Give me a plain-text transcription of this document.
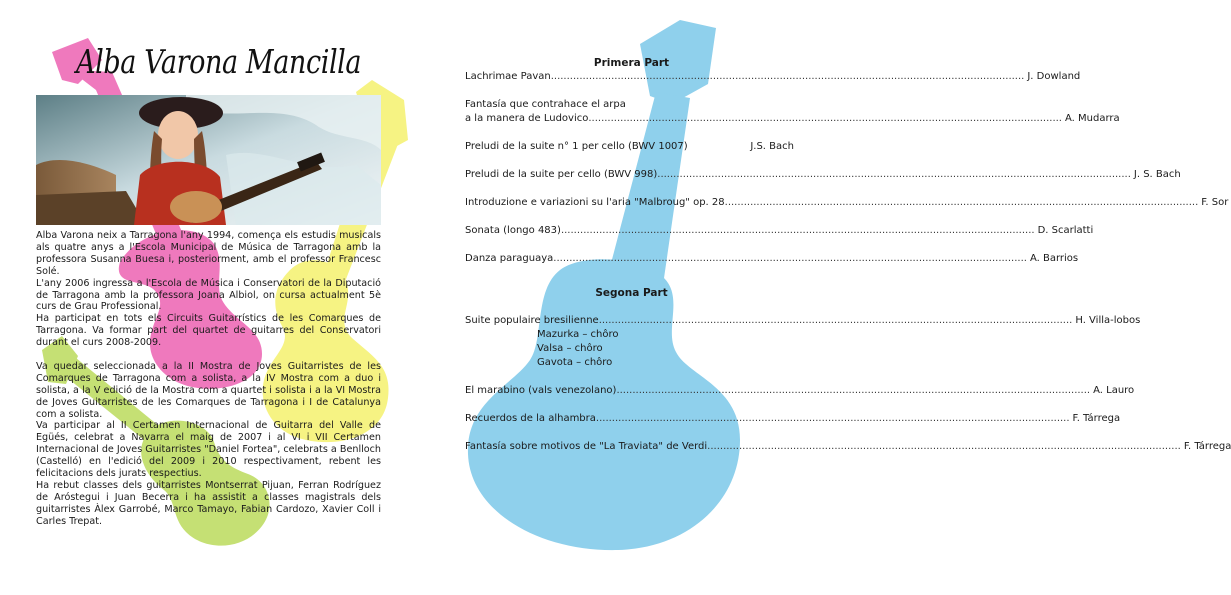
Alba Varona Mancilla

Alba Varona neix a Tarragona l'any 1994, comença els estudis musicals als quatre anys a l'Escola Municipal de Música de Tarragona amb la professora Susanna Buesa i, posteriorment, amb el professor Francesc Solé.

L'any 2006 ingressa a l'Escola de Música i Conservatori de la Diputació de Tarragona amb la professora Joana Albiol, on cursa actualment 5è curs de Grau Professional.

Ha participat en tots els Circuits Guitarrístics de les Comarques de Tarragona. Va formar part del quartet de guitarres del Conservatori durant el curs 2008-2009.

Va quedar seleccionada a la II Mostra de Joves Guitarristes de les Comarques de Tarragona com a solista, a la IV Mostra com a duo i solista, a la V edició de la Mostra com a quartet i solista i a la VI Mostra de Joves Guitarristes de les Comarques de Tarragona i I de Catalunya com a solista.

Va participar al II Certamen Internacional de Guitarra del Valle de Egüés, celebrat a Navarra el maig de 2007 i al VI i VII Certamen Internacional de Joves Guitarristes "Daniel Fortea", celebrats a Benlloch (Castelló) en l'edició del 2009 i 2010 respectivament, rebent les felicitacions dels jurats respectius.

Ha rebut classes dels guitarristes Montserrat Pijuan, Ferran Rodríguez de Aróstegui i Juan Becerra i ha assistit a classes magistrals dels guitarristes Àlex Garrobé, Marco Tamayo, Fabian Cardozo, Xavier Coll i Carles Trepat.

Primera Part

Lachrimae Pavan .....	J. Dowland
Fantasía que contrahace el arpa
a la manera de Ludovico .....	A. Mudarra
Preludi de la suite n° 1 per cello (BWV 1007)	J.S. Bach
Preludi de la suite per cello (BWV 998) .....	J. S. Bach
Introduzione e variazioni su l'aria "Malbroug" op. 28 .....	F. Sor
Sonata (longo 483) .....	D. Scarlatti
Danza paraguaya .....	A. Barrios

Segona Part

Suite populaire bresilienne .....	H. Villa-lobos
Mazurka – chôro
Valsa – chôro
Gavota – chôro
El marabino (vals venezolano) .....	A. Lauro
Recuerdos de la alhambra .....	F. Tárrega
Fantasía sobre motivos de "La Traviata" de Verdi .....	F. Tárrega
